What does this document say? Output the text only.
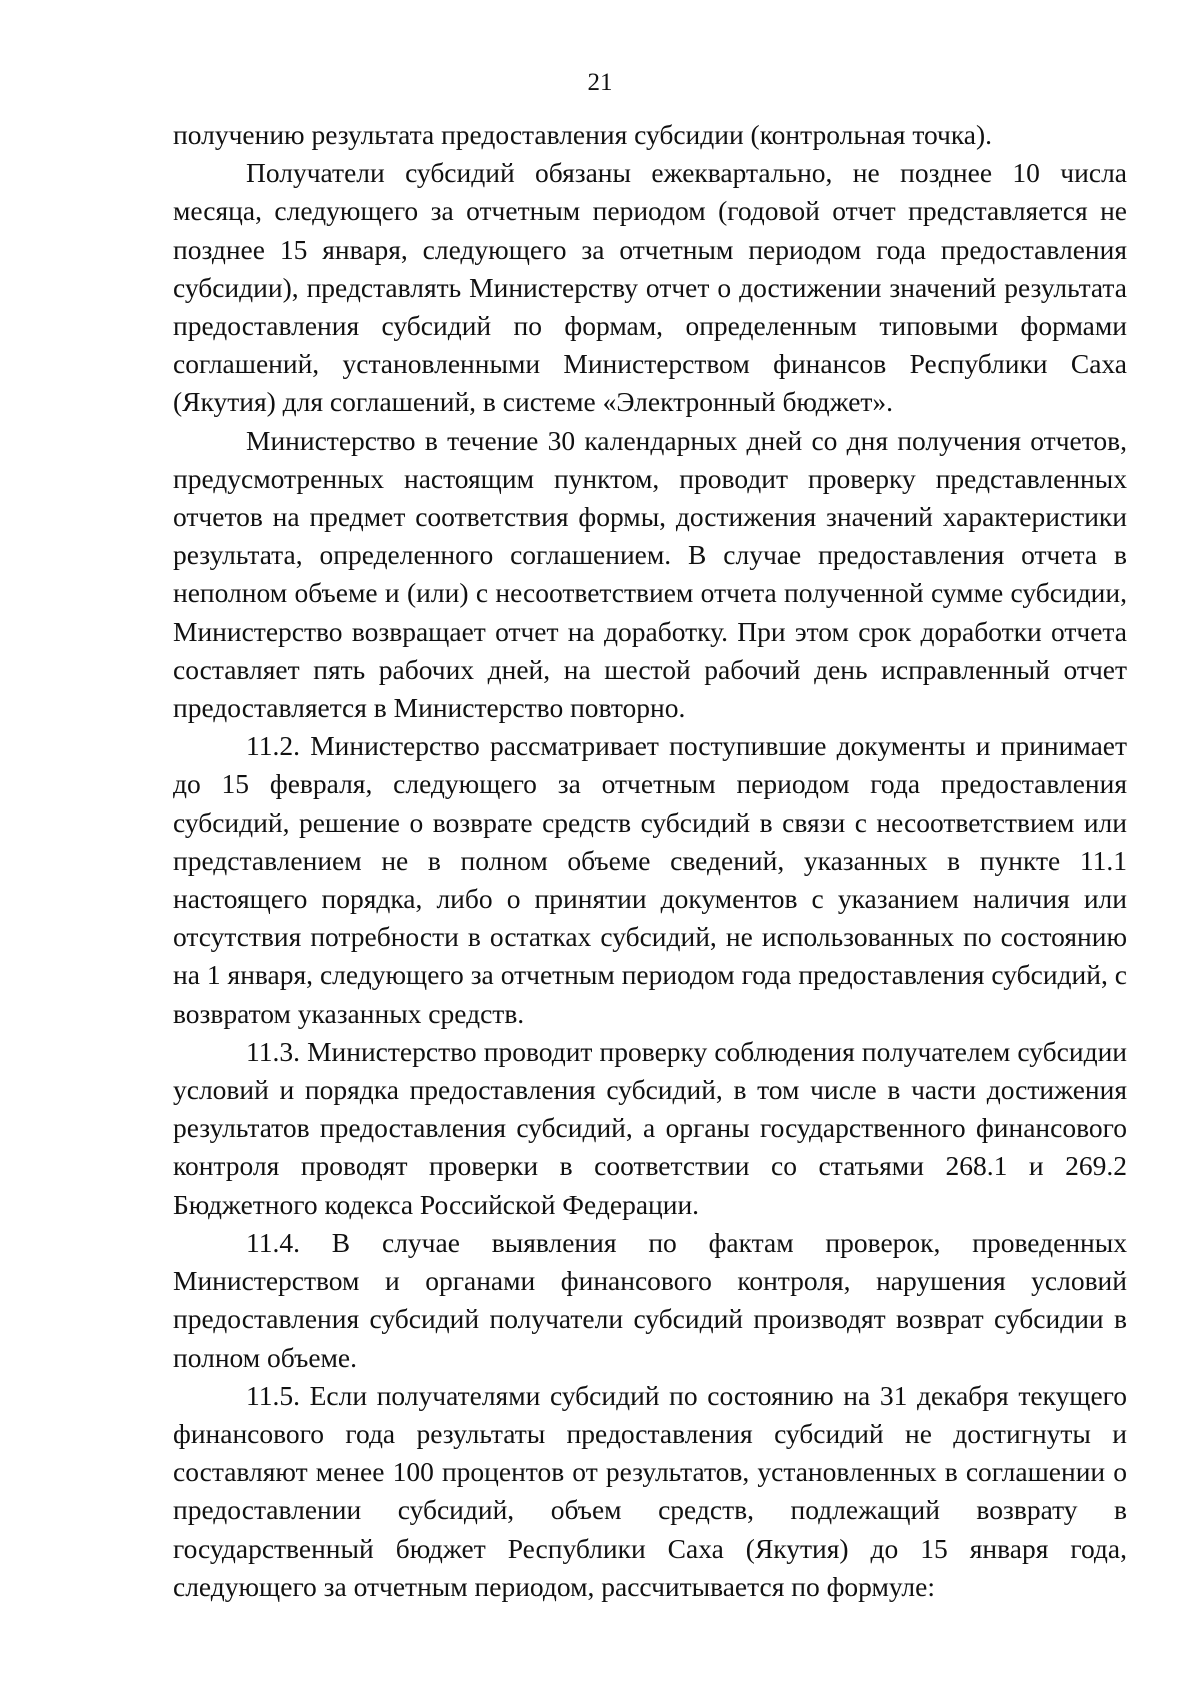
21

получению результата предоставления субсидии (контрольная точка).

Получатели субсидий обязаны ежеквартально, не позднее 10 числа месяца, следующего за отчетным периодом (годовой отчет представляется не позднее 15 января, следующего за отчетным периодом года предоставления субсидии), представлять Министерству отчет о достижении значений результата предоставления субсидий по формам, определенным типовыми формами соглашений, установленными Министерством финансов Республики Саха (Якутия) для соглашений, в системе «Электронный бюджет».

Министерство в течение 30 календарных дней со дня получения отчетов, предусмотренных настоящим пунктом, проводит проверку представленных отчетов на предмет соответствия формы, достижения значений характеристики результата, определенного соглашением. В случае предоставления отчета в неполном объеме и (или) с несоответствием отчета полученной сумме субсидии, Министерство возвращает отчет на доработку. При этом срок доработки отчета составляет пять рабочих дней, на шестой рабочий день исправленный отчет предоставляется в Министерство повторно.

11.2. Министерство рассматривает поступившие документы и принимает до 15 февраля, следующего за отчетным периодом года предоставления субсидий, решение о возврате средств субсидий в связи с несоответствием или представлением не в полном объеме сведений, указанных в пункте 11.1 настоящего порядка, либо о принятии документов с указанием наличия или отсутствия потребности в остатках субсидий, не использованных по состоянию на 1 января, следующего за отчетным периодом года предоставления субсидий, с возвратом указанных средств.

11.3. Министерство проводит проверку соблюдения получателем субсидии условий и порядка предоставления субсидий, в том числе в части достижения результатов предоставления субсидий, а органы государственного финансового контроля проводят проверки в соответствии со статьями 268.1 и 269.2 Бюджетного кодекса Российской Федерации.

11.4. В случае выявления по фактам проверок, проведенных Министерством и органами финансового контроля, нарушения условий предоставления субсидий получатели субсидий производят возврат субсидии в полном объеме.

11.5. Если получателями субсидий по состоянию на 31 декабря текущего финансового года результаты предоставления субсидий не достигнуты и составляют менее 100 процентов от результатов, установленных в соглашении о предоставлении субсидий, объем средств, подлежащий возврату в государственный бюджет Республики Саха (Якутия) до 15 января года, следующего за отчетным периодом, рассчитывается по формуле:
